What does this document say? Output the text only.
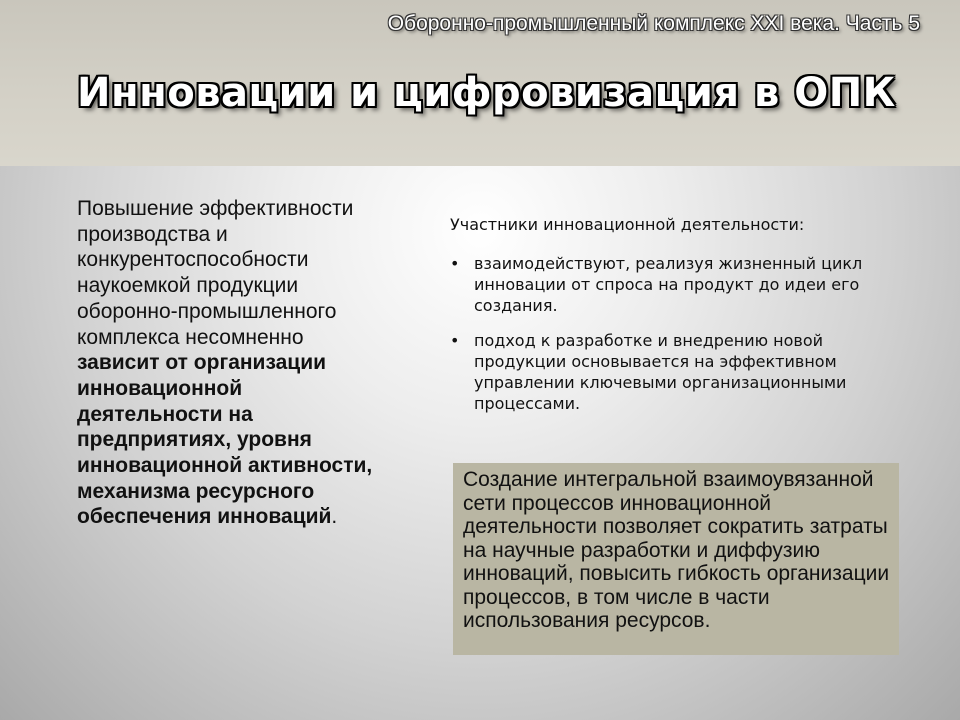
Оборонно-промышленный комплекс XXI века. Часть 5
Инновации и цифровизация в ОПК
Повышение эффективности производства и конкурентоспособности наукоемкой продукции оборонно-промышленного комплекса несомненно зависит от организации инновационной деятельности на предприятиях, уровня инновационной активности, механизма ресурсного обеспечения инноваций.
Участники инновационной деятельности:
• взаимодействуют, реализуя жизненный цикл инновации от спроса на продукт до идеи его создания.
• подход к разработке и внедрению новой продукции основывается на эффективном управлении ключевыми организационными процессами.
Создание интегральной взаимоувязанной сети процессов инновационной деятельности позволяет сократить затраты на научные разработки и диффузию инноваций, повысить гибкость организации процессов, в том числе в части использования ресурсов.
